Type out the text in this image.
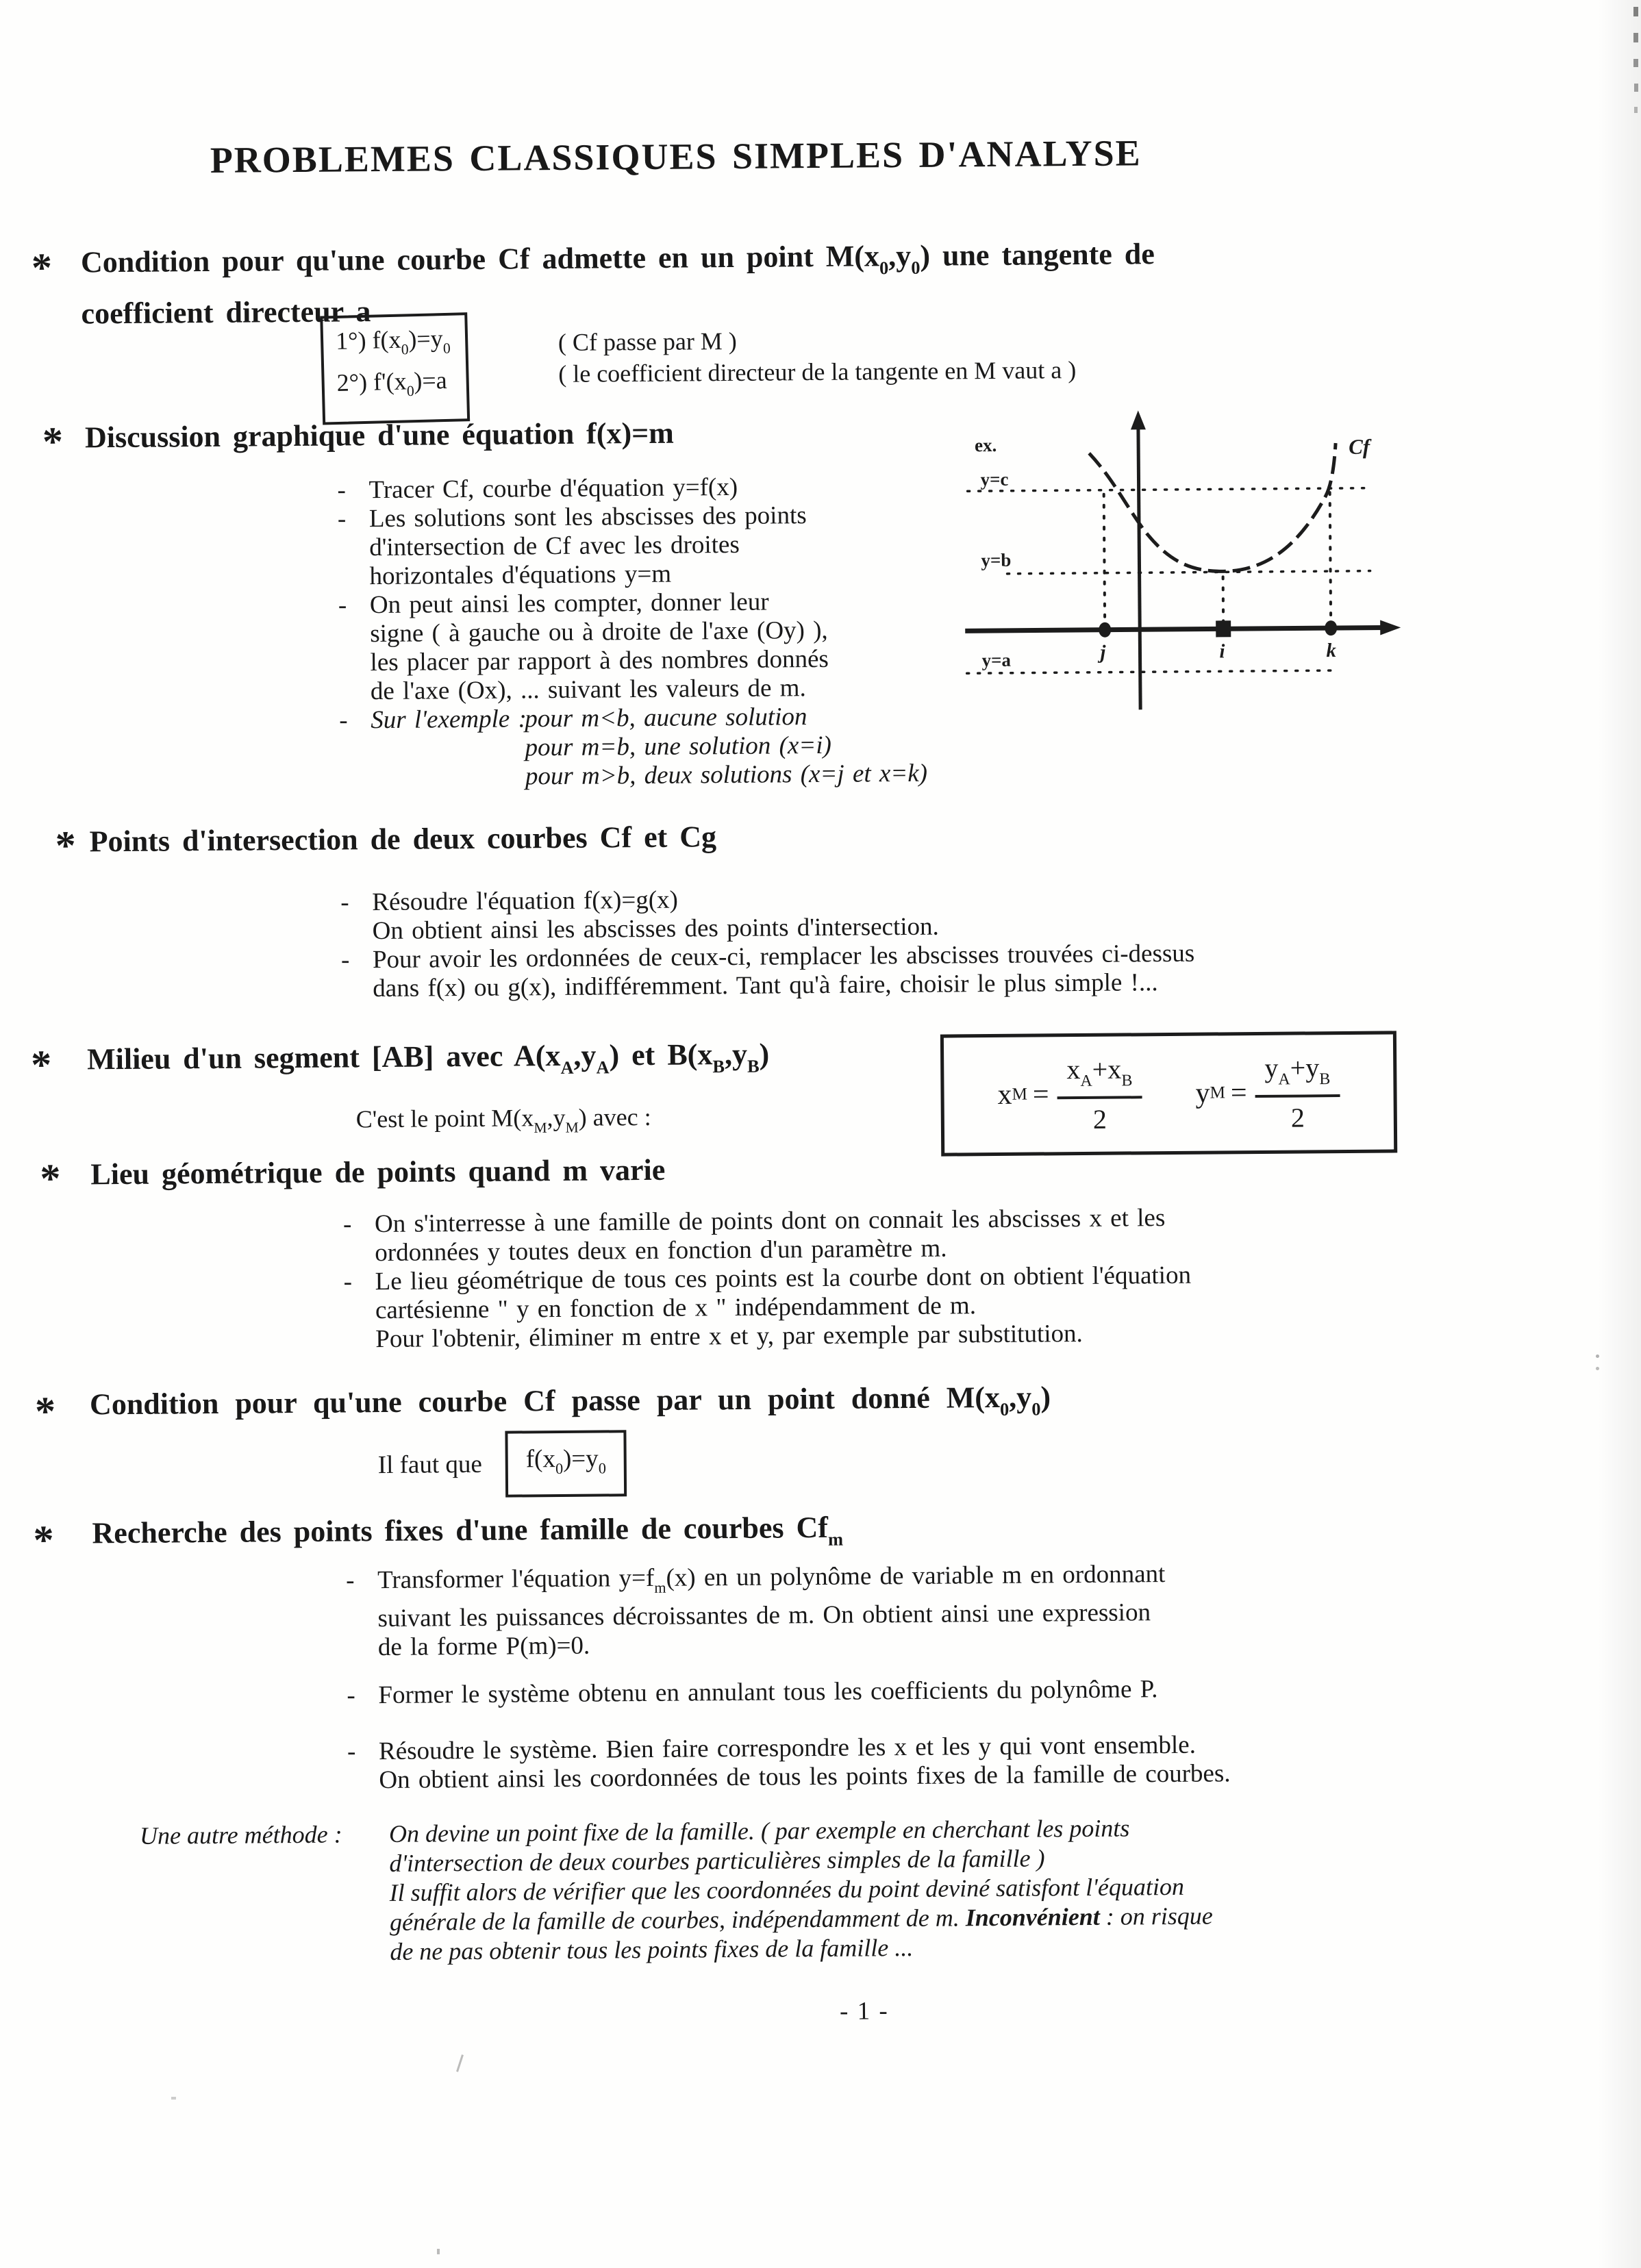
PROBLEMES CLASSIQUES SIMPLES D'ANALYSE
* Condition pour qu'une courbe Cf admette en un point $M(x_0,y_0)$ une tangente de
coefficient directeur a
1°) $f(x_0)=y_0$
2°) $f'(x_0)=a$
( Cf passe par M )
( le coefficient directeur de la tangente en M vaut a )
* Discussion graphique d'une équation f(x)=m
- Tracer Cf, courbe d'équation y=f(x)
- Les solutions sont les abscisses des points
d'intersection de Cf avec les droites
horizontales d'équations y=m
- On peut ainsi les compter, donner leur
signe ( à gauche ou à droite de l'axe (Oy) ),
les placer par rapport à des nombres donnés
de l'axe (Ox), ... suivant les valeurs de m.
- Sur l'exemple :
pour m<b, aucune solution
pour m=b, une solution (x=i)
pour m>b, deux solutions (x=j et x=k)
ex.
y=c
y=b
y=a
Cf
j	i	k
* Points d'intersection de deux courbes Cf et Cg
- Résoudre l'équation f(x)=g(x)
On obtient ainsi les abscisses des points d'intersection.
- Pour avoir les ordonnées de ceux-ci, remplacer les abscisses trouvées ci-dessus
dans f(x) ou g(x), indifféremment. Tant qu'à faire, choisir le plus simple !...
* Milieu d'un segment [AB] avec $A(x_A,y_A)$ et $B(x_B,y_B)$
C'est le point $M(x_M,y_M)$ avec :
x $M = \frac{x_A+x_B}{2}$ y $M = \frac{y_A+y_B}{2}$
* Lieu géométrique de points quand m varie
- On s'interresse à une famille de points dont on connait les abscisses x et les
ordonnées y toutes deux en fonction d'un paramètre m.
- Le lieu géométrique de tous ces points est la courbe dont on obtient l'équation
cartésienne " y en fonction de x " indépendamment de m.
Pour l'obtenir, éliminer m entre x et y, par exemple par substitution.
* Condition pour qu'une courbe Cf passe par un point donné $M(x_0,y_0)$
Il faut que	$f(x_0)=y_0$
* Recherche des points fixes d'une famille de courbes $Cf_m$
- Transformer l'équation $y=f_m(x)$ en un polynôme de variable m en ordonnant
suivant les puissances décroissantes de m. On obtient ainsi une expression
de la forme P(m)=0.
- Former le système obtenu en annulant tous les coefficients du polynôme P.
- Résoudre le système. Bien faire correspondre les x et les y qui vont ensemble.
On obtient ainsi les coordonnées de tous les points fixes de la famille de courbes.
Une autre méthode :	On devine un point fixe de la famille. ( par exemple en cherchant les points
d'intersection de deux courbes particulières simples de la famille )
Il suffit alors de vérifier que les coordonnées du point deviné satisfont l'équation
générale de la famille de courbes, indépendamment de m. Inconvénient : on risque
de ne pas obtenir tous les points fixes de la famille ...
- 1 -
